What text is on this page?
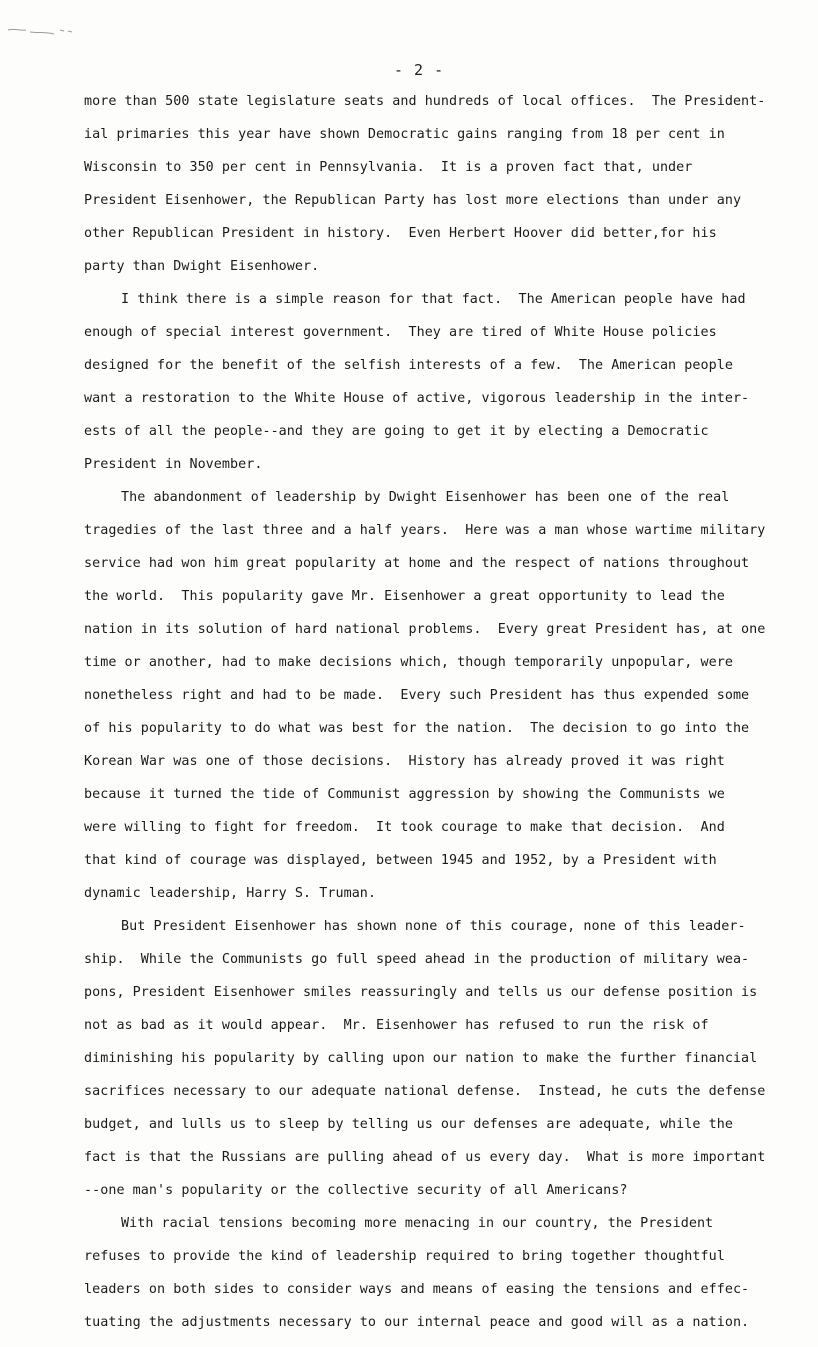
- 2 -
more than 500 state legislature seats and hundreds of local offices.  The President-
ial primaries this year have shown Democratic gains ranging from 18 per cent in
Wisconsin to 350 per cent in Pennsylvania.  It is a proven fact that, under
President Eisenhower, the Republican Party has lost more elections than under any
other Republican President in history.  Even Herbert Hoover did better,for his
party than Dwight Eisenhower.
I think there is a simple reason for that fact.  The American people have had
enough of special interest government.  They are tired of White House policies
designed for the benefit of the selfish interests of a few.  The American people
want a restoration to the White House of active, vigorous leadership in the inter-
ests of all the people--and they are going to get it by electing a Democratic
President in November.
The abandonment of leadership by Dwight Eisenhower has been one of the real
tragedies of the last three and a half years.  Here was a man whose wartime military
service had won him great popularity at home and the respect of nations throughout
the world.  This popularity gave Mr. Eisenhower a great opportunity to lead the
nation in its solution of hard national problems.  Every great President has, at one
time or another, had to make decisions which, though temporarily unpopular, were
nonetheless right and had to be made.  Every such President has thus expended some
of his popularity to do what was best for the nation.  The decision to go into the
Korean War was one of those decisions.  History has already proved it was right
because it turned the tide of Communist aggression by showing the Communists we
were willing to fight for freedom.  It took courage to make that decision.  And
that kind of courage was displayed, between 1945 and 1952, by a President with
dynamic leadership, Harry S. Truman.
But President Eisenhower has shown none of this courage, none of this leader-
ship.  While the Communists go full speed ahead in the production of military wea-
pons, President Eisenhower smiles reassuringly and tells us our defense position is
not as bad as it would appear.  Mr. Eisenhower has refused to run the risk of
diminishing his popularity by calling upon our nation to make the further financial
sacrifices necessary to our adequate national defense.  Instead, he cuts the defense
budget, and lulls us to sleep by telling us our defenses are adequate, while the
fact is that the Russians are pulling ahead of us every day.  What is more important
--one man's popularity or the collective security of all Americans?
With racial tensions becoming more menacing in our country, the President
refuses to provide the kind of leadership required to bring together thoughtful
leaders on both sides to consider ways and means of easing the tensions and effec-
tuating the adjustments necessary to our internal peace and good will as a nation.
